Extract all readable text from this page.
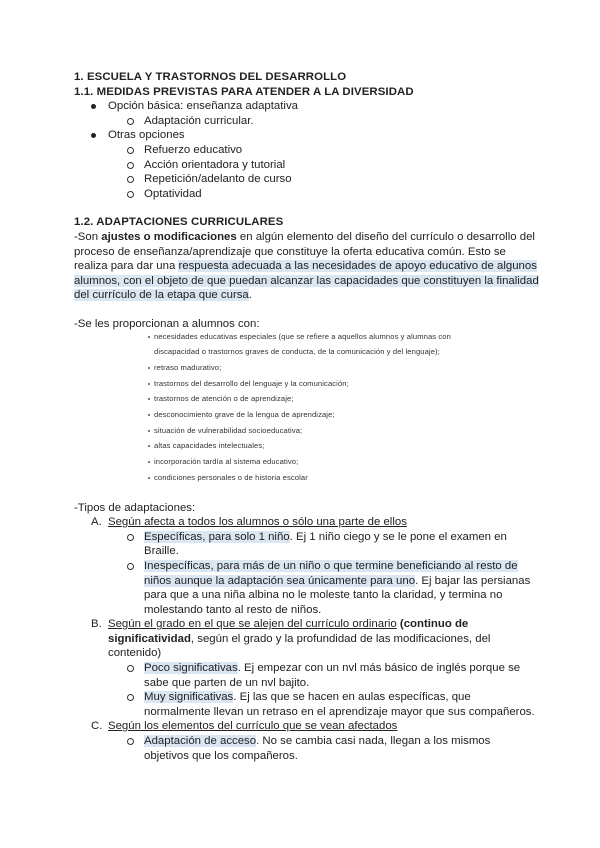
1. ESCUELA Y TRASTORNOS DEL DESARROLLO
1.1. MEDIDAS PREVISTAS PARA ATENDER A LA DIVERSIDAD
Opción básica: enseñanza adaptativa
Adaptación curricular.
Otras opciones
Refuerzo educativo
Acción orientadora y tutorial
Repetición/adelanto de curso
Optatividad
1.2. ADAPTACIONES CURRICULARES
-Son ajustes o modificaciones en algún elemento del diseño del currículo o desarrollo del
proceso de enseñanza/aprendizaje que constituye la oferta educativa común. Esto se
realiza para dar una respuesta adecuada a las necesidades de apoyo educativo de algunos
alumnos, con el objeto de que puedan alcanzar las capacidades que constituyen la finalidad
del currículo de la etapa que cursa.
-Se les proporcionan a alumnos con:
necesidades educativas especiales (que se refiere a aquellos alumnos y alumnas con
discapacidad o trastornos graves de conducta, de la comunicación y del lenguaje);
retraso madurativo;
trastornos del desarrollo del lenguaje y la comunicación;
trastornos de atención o de aprendizaje;
desconocimiento grave de la lengua de aprendizaje;
situación de vulnerabilidad socioeducativa;
altas capacidades intelectuales;
incorporación tardía al sistema educativo;
condiciones personales o de historia escolar
-Tipos de adaptaciones:
A. Según afecta a todos los alumnos o sólo una parte de ellos
Específicas, para solo 1 niño. Ej 1 niño ciego y se le pone el examen en
Braille.
Inespecíficas, para más de un niño o que termine beneficiando al resto de
niños aunque la adaptación sea únicamente para uno. Ej bajar las persianas
para que a una niña albina no le moleste tanto la claridad, y termina no
molestando tanto al resto de niños.
B. Según el grado en el que se alejen del currículo ordinario (continuo de
significatividad, según el grado y la profundidad de las modificaciones, del
contenido)
Poco significativas. Ej empezar con un nvl más básico de inglés porque se
sabe que parten de un nvl bajito.
Muy significativas. Ej las que se hacen en aulas específicas, que
normalmente llevan un retraso en el aprendizaje mayor que sus compañeros.
C. Según los elementos del currículo que se vean afectados
Adaptación de acceso. No se cambia casi nada, llegan a los mismos
objetivos que los compañeros.
